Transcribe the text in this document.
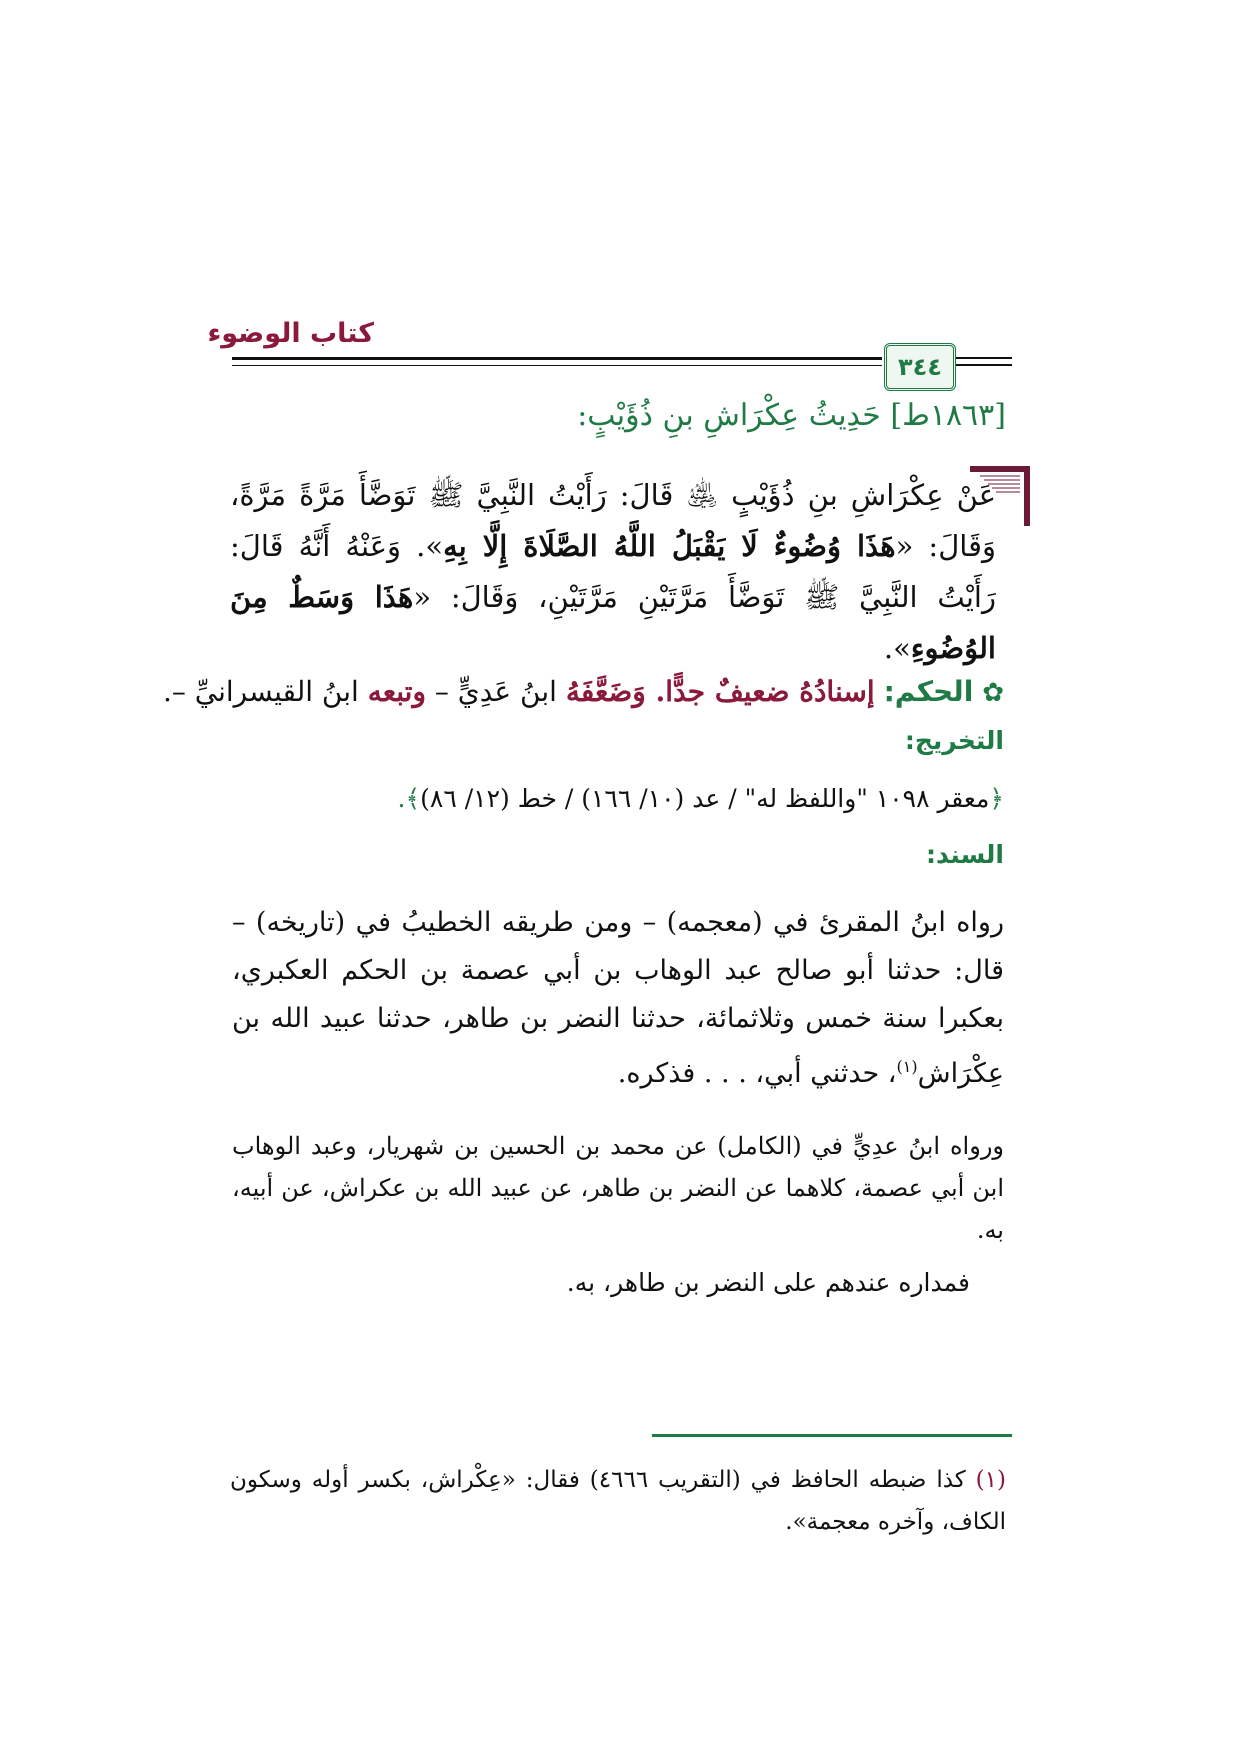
كتاب الوضوء
٣٤٤
[١٨٦٣ط] حَدِيثُ عِكْرَاشِ بنِ ذُؤَيْبٍ:
عَنْ عِكْرَاشِ بنِ ذُؤَيْبٍ ﵁ قَالَ: رَأَيْتُ النَّبِيَّ ﷺ تَوَضَّأَ مَرَّةً مَرَّةً، وَقَالَ: «هَذَا وُضُوءٌ لَا يَقْبَلُ اللَّهُ الصَّلَاةَ إِلَّا بِهِ». وَعَنْهُ أَنَّهُ قَالَ: رَأَيْتُ النَّبِيَّ ﷺ تَوَضَّأَ مَرَّتَيْنِ مَرَّتَيْنِ، وَقَالَ: «هَذَا وَسَطٌ مِنَ الوُضُوءِ».
✿ الحكم: إسنادُهُ ضعيفٌ جدًّا. وَضَعَّفَهُ ابنُ عَدِيٍّ – وتبعه ابنُ القيسرانيِّ –.
التخريج:
﴿معقر ١٠٩٨ "واللفظ له" / عد (١٠/ ١٦٦) / خط (١٢/ ٨٦)﴾.
السند:
رواه ابنُ المقرئ في (معجمه) – ومن طريقه الخطيبُ في (تاريخه) – قال: حدثنا أبو صالح عبد الوهاب بن أبي عصمة بن الحكم العكبري، بعكبرا سنة خمس وثلاثمائة، حدثنا النضر بن طاهر، حدثنا عبيد الله بن عِكْرَاش$^{(١)}$، حدثني أبي، . . . فذكره.
ورواه ابنُ عدِيٍّ في (الكامل) عن محمد بن الحسين بن شهريار، وعبد الوهاب ابن أبي عصمة، كلاهما عن النضر بن طاهر، عن عبيد الله بن عكراش، عن أبيه، به.
فمداره عندهم على النضر بن طاهر، به.
(١) كذا ضبطه الحافظ في (التقريب ٤٦٦٦) فقال: «عِكْراش، بكسر أوله وسكون الكاف، وآخره معجمة».
